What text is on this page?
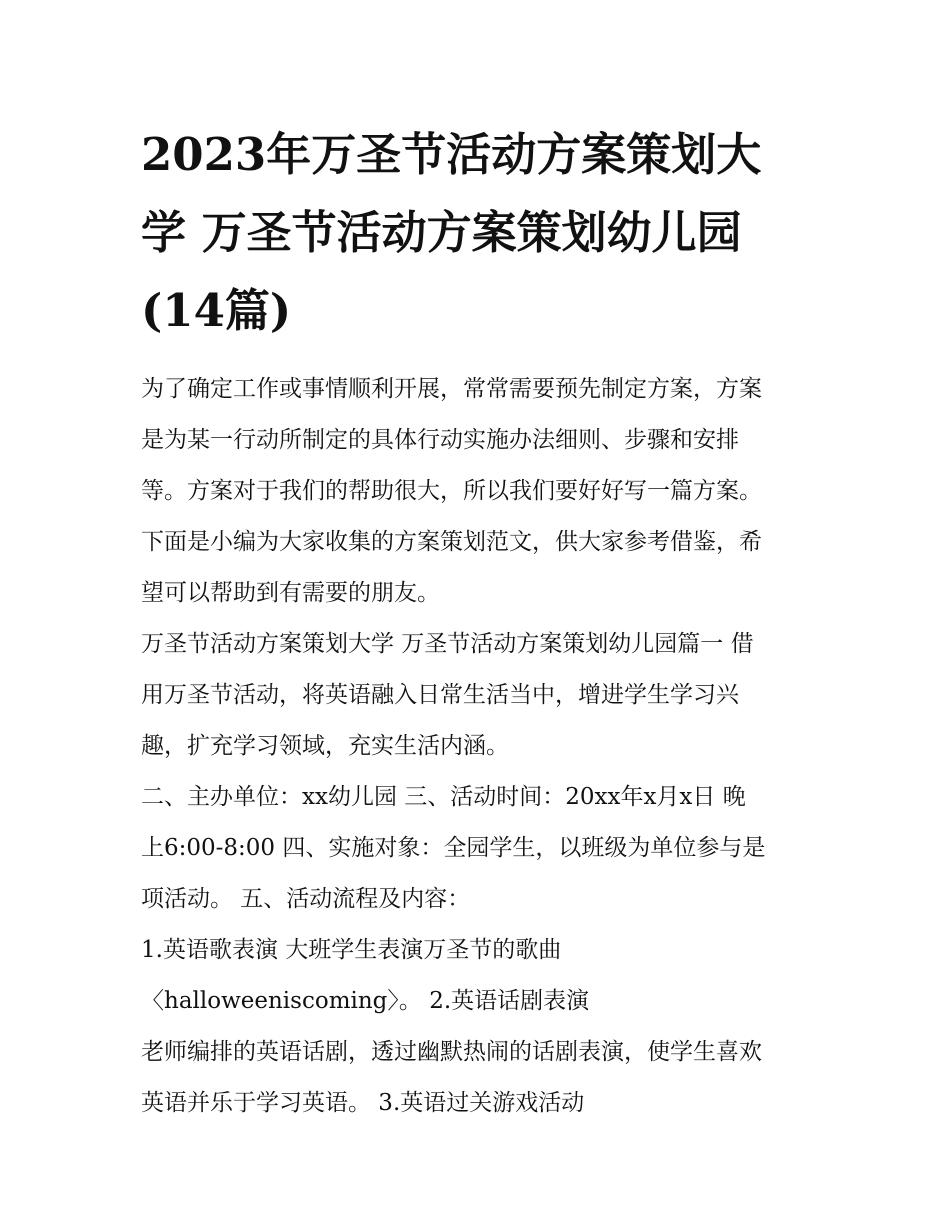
2023年万圣节活动方案策划大
学 万圣节活动方案策划幼儿园
(14篇)

为了确定工作或事情顺利开展，常常需要预先制定方案，方案
是为某一行动所制定的具体行动实施办法细则、步骤和安排
等。方案对于我们的帮助很大，所以我们要好好写一篇方案。
下面是小编为大家收集的方案策划范文，供大家参考借鉴，希
望可以帮助到有需要的朋友。

万圣节活动方案策划大学 万圣节活动方案策划幼儿园篇一 借
用万圣节活动，将英语融入日常生活当中，增进学生学习兴
趣，扩充学习领域，充实生活内涵。

二、主办单位：xx幼儿园 三、活动时间：20xx年x月x日 晚
上6:00-8:00 四、实施对象：全园学生，以班级为单位参与是
项活动。 五、活动流程及内容：

1.英语歌表演 大班学生表演万圣节的歌曲
〈halloweeniscoming〉。 2.英语话剧表演

老师编排的英语话剧，透过幽默热闹的话剧表演，使学生喜欢
英语并乐于学习英语。 3.英语过关游戏活动
